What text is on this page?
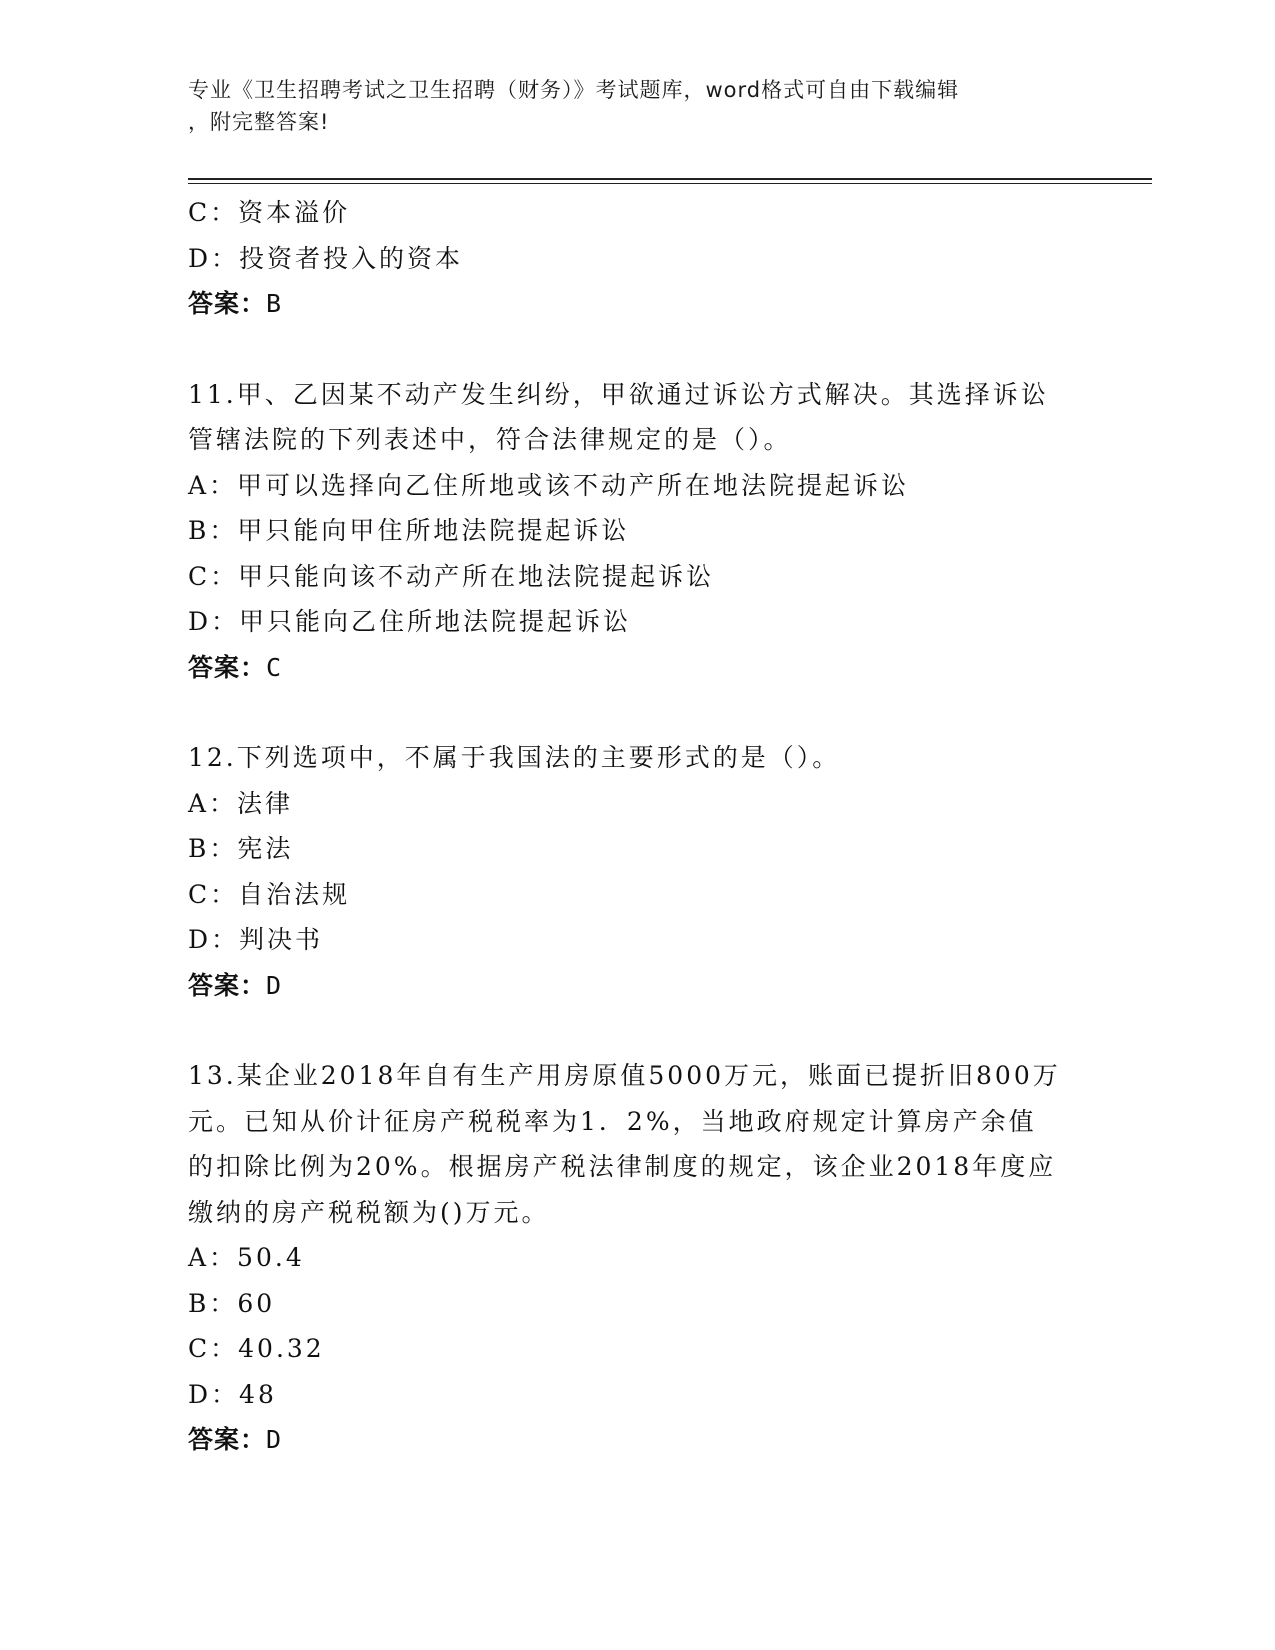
专业《卫生招聘考试之卫生招聘（财务）》考试题库，word格式可自由下载编辑
，附完整答案!
C：资本溢价
D：投资者投入的资本
答案：B
11.甲、乙因某不动产发生纠纷，甲欲通过诉讼方式解决。其选择诉讼
管辖法院的下列表述中，符合法律规定的是（）。
A：甲可以选择向乙住所地或该不动产所在地法院提起诉讼
B：甲只能向甲住所地法院提起诉讼
C：甲只能向该不动产所在地法院提起诉讼
D：甲只能向乙住所地法院提起诉讼
答案：C
12.下列选项中，不属于我国法的主要形式的是（）。
A：法律
B：宪法
C：自治法规
D：判决书
答案：D
13.某企业2018年自有生产用房原值5000万元，账面已提折旧800万
元。已知从价计征房产税税率为1．2%，当地政府规定计算房产余值
的扣除比例为20%。根据房产税法律制度的规定，该企业2018年度应
缴纳的房产税税额为()万元。
A：50.4
B：60
C：40.32
D：48
答案：D
